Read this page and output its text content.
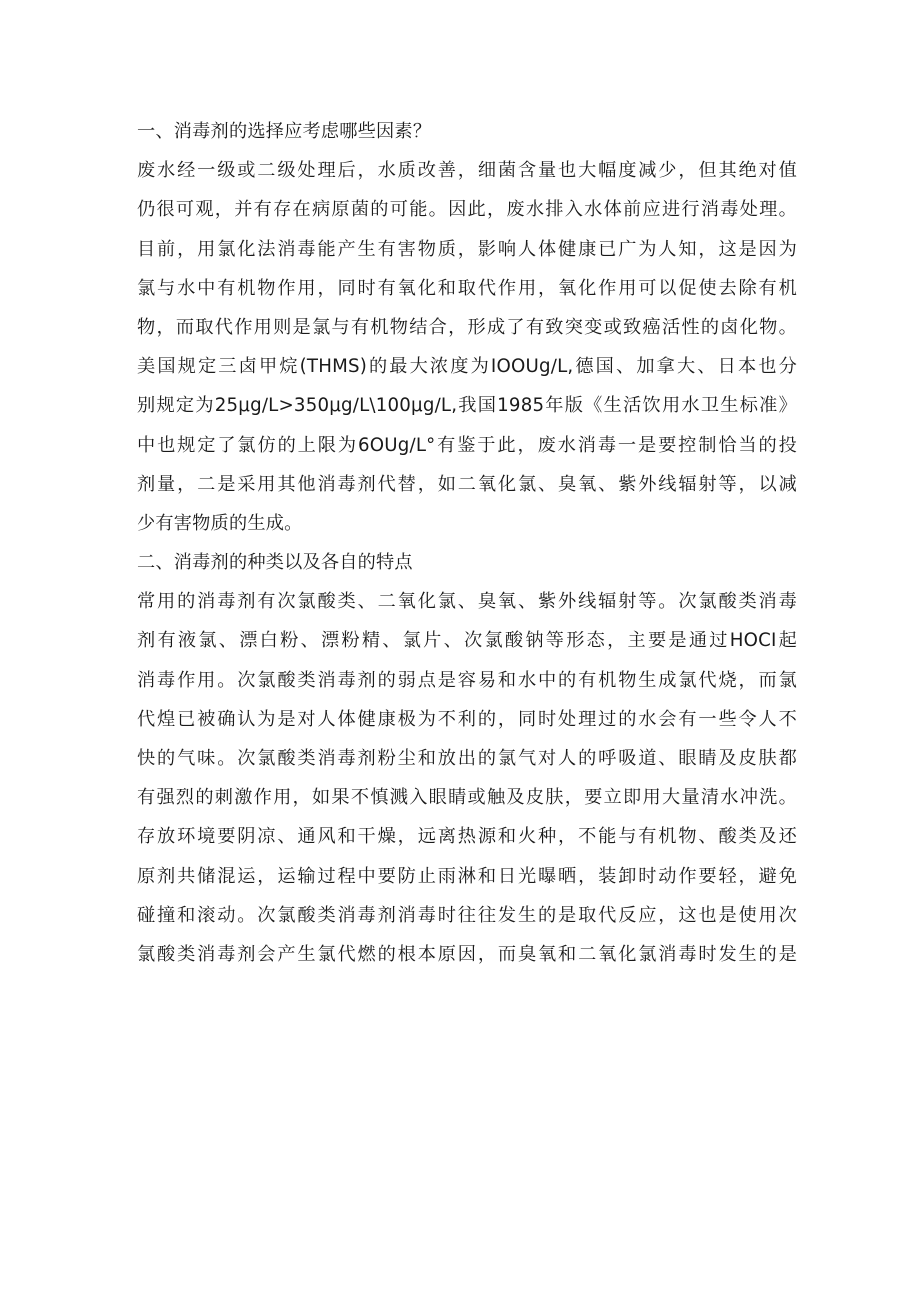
一、消毒剂的选择应考虑哪些因素？
废水经一级或二级处理后，水质改善，细菌含量也大幅度减少，但其绝对值
仍很可观，并有存在病原菌的可能。因此，废水排入水体前应进行消毒处理。
目前，用氯化法消毒能产生有害物质，影响人体健康已广为人知，这是因为
氯与水中有机物作用，同时有氧化和取代作用，氧化作用可以促使去除有机
物，而取代作用则是氯与有机物结合，形成了有致突变或致癌活性的卤化物。
美国规定三卤甲烷(THMS)的最大浓度为IOOUg∕L,德国、加拿大、日本也分
别规定为25μg∕L>350μg∕L\100μg∕L,我国1985年版《生活饮用水卫生标准》
中也规定了氯仿的上限为6OUg∕L°有鉴于此，废水消毒一是要控制恰当的投
剂量，二是采用其他消毒剂代替，如二氧化氯、臭氧、紫外线辐射等，以减
少有害物质的生成。
二、消毒剂的种类以及各自的特点
常用的消毒剂有次氯酸类、二氧化氯、臭氧、紫外线辐射等。次氯酸类消毒
剂有液氯、漂白粉、漂粉精、氯片、次氯酸钠等形态，主要是通过HOCI起
消毒作用。次氯酸类消毒剂的弱点是容易和水中的有机物生成氯代烧，而氯
代煌已被确认为是对人体健康极为不利的，同时处理过的水会有一些令人不
快的气味。次氯酸类消毒剂粉尘和放出的氯气对人的呼吸道、眼睛及皮肤都
有强烈的刺激作用，如果不慎溅入眼睛或触及皮肤，要立即用大量清水冲洗。
存放环境要阴凉、通风和干燥，远离热源和火种，不能与有机物、酸类及还
原剂共储混运，运输过程中要防止雨淋和日光曝晒，装卸时动作要轻，避免
碰撞和滚动。次氯酸类消毒剂消毒时往往发生的是取代反应，这也是使用次
氯酸类消毒剂会产生氯代燃的根本原因，而臭氧和二氧化氯消毒时发生的是
